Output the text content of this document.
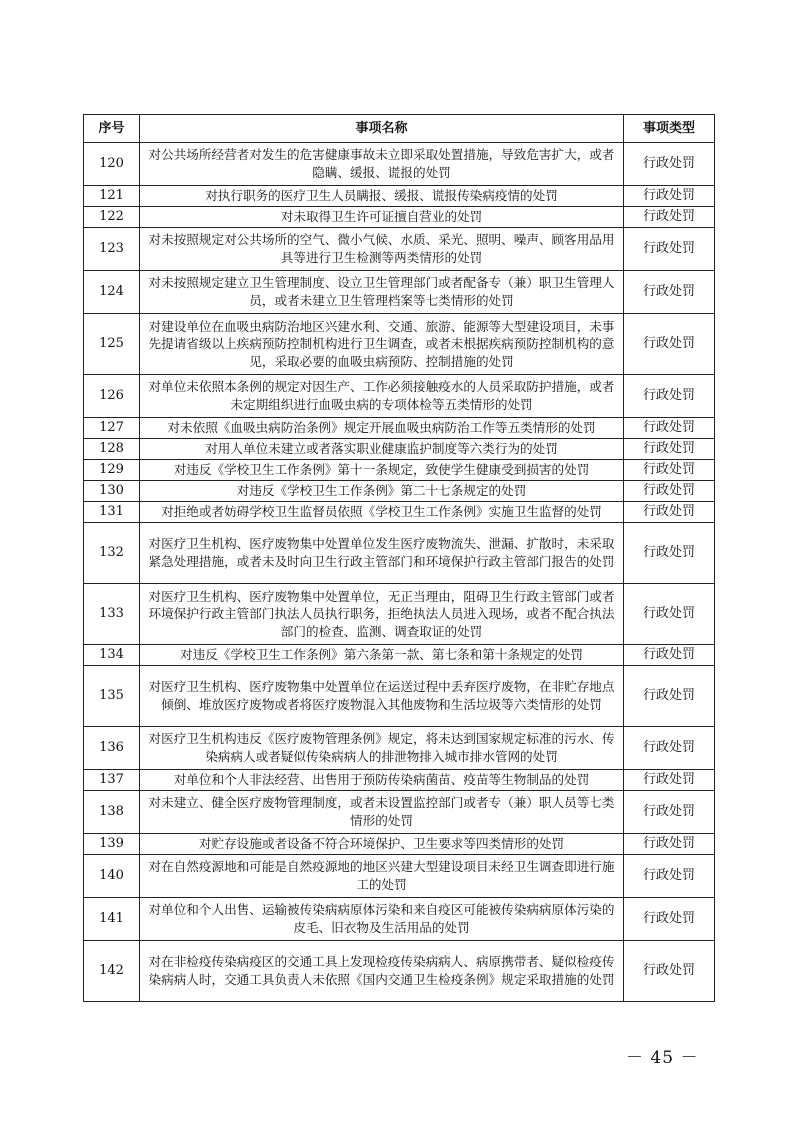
序号	事项名称	事项类型
120	对公共场所经营者对发生的危害健康事故未立即采取处置措施，导致危害扩大，或者隐瞒、缓报、谎报的处罚	行政处罚
121	对执行职务的医疗卫生人员瞒报、缓报、谎报传染病疫情的处罚	行政处罚
122	对未取得卫生许可证擅自营业的处罚	行政处罚
123	对未按照规定对公共场所的空气、微小气候、水质、采光、照明、噪声、顾客用品用具等进行卫生检测等两类情形的处罚	行政处罚
124	对未按照规定建立卫生管理制度、设立卫生管理部门或者配备专（兼）职卫生管理人员，或者未建立卫生管理档案等七类情形的处罚	行政处罚
125	对建设单位在血吸虫病防治地区兴建水利、交通、旅游、能源等大型建设项目，未事先提请省级以上疾病预防控制机构进行卫生调查，或者未根据疾病预防控制机构的意见，采取必要的血吸虫病预防、控制措施的处罚	行政处罚
126	对单位未依照本条例的规定对因生产、工作必须接触疫水的人员采取防护措施，或者未定期组织进行血吸虫病的专项体检等五类情形的处罚	行政处罚
127	对未依照《血吸虫病防治条例》规定开展血吸虫病防治工作等五类情形的处罚	行政处罚
128	对用人单位未建立或者落实职业健康监护制度等六类行为的处罚	行政处罚
129	对违反《学校卫生工作条例》第十一条规定，致使学生健康受到损害的处罚	行政处罚
130	对违反《学校卫生工作条例》第二十七条规定的处罚	行政处罚
131	对拒绝或者妨碍学校卫生监督员依照《学校卫生工作条例》实施卫生监督的处罚	行政处罚
132	对医疗卫生机构、医疗废物集中处置单位发生医疗废物流失、泄漏、扩散时，未采取紧急处理措施，或者未及时向卫生行政主管部门和环境保护行政主管部门报告的处罚	行政处罚
133	对医疗卫生机构、医疗废物集中处置单位，无正当理由，阻碍卫生行政主管部门或者环境保护行政主管部门执法人员执行职务，拒绝执法人员进入现场，或者不配合执法部门的检查、监测、调查取证的处罚	行政处罚
134	对违反《学校卫生工作条例》第六条第一款、第七条和第十条规定的处罚	行政处罚
135	对医疗卫生机构、医疗废物集中处置单位在运送过程中丢弃医疗废物，在非贮存地点倾倒、堆放医疗废物或者将医疗废物混入其他废物和生活垃圾等六类情形的处罚	行政处罚
136	对医疗卫生机构违反《医疗废物管理条例》规定，将未达到国家规定标准的污水、传染病病人或者疑似传染病病人的排泄物排入城市排水管网的处罚	行政处罚
137	对单位和个人非法经营、出售用于预防传染病菌苗、疫苗等生物制品的处罚	行政处罚
138	对未建立、健全医疗废物管理制度，或者未设置监控部门或者专（兼）职人员等七类情形的处罚	行政处罚
139	对贮存设施或者设备不符合环境保护、卫生要求等四类情形的处罚	行政处罚
140	对在自然疫源地和可能是自然疫源地的地区兴建大型建设项目未经卫生调查即进行施工的处罚	行政处罚
141	对单位和个人出售、运输被传染病病原体污染和来自疫区可能被传染病病原体污染的皮毛、旧衣物及生活用品的处罚	行政处罚
142	对在非检疫传染病疫区的交通工具上发现检疫传染病病人、病原携带者、疑似检疫传染病病人时，交通工具负责人未依照《国内交通卫生检疫条例》规定采取措施的处罚	行政处罚
－ 45 －
